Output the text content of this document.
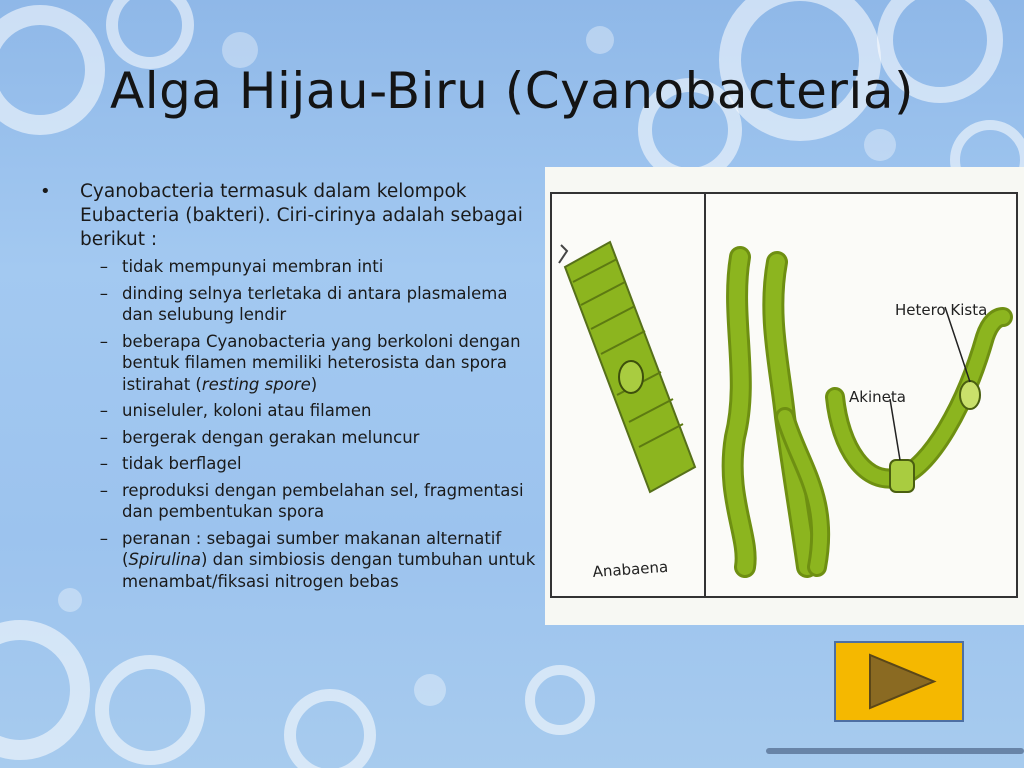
Alga Hijau-Biru (Cyanobacteria)
•	Cyanobacteria termasuk dalam kelompok Eubacteria (bakteri). Ciri-cirinya adalah sebagai berikut :
– tidak mempunyai membran inti
– dinding selnya terletaka di antara plasmalema dan selubung lendir
– beberapa Cyanobacteria yang berkoloni dengan bentuk filamen memiliki heterosista dan spora istirahat (resting spore)
– uniseluler, koloni atau filamen
– bergerak dengan gerakan meluncur
– tidak berflagel
– reproduksi dengan pembelahan sel, fragmentasi dan pembentukan spora
– peranan : sebagai sumber makanan alternatif (Spirulina) dan simbiosis dengan tumbuhan untuk menambat/fiksasi nitrogen bebas
Anabaena
Hetero Kista
Akineta
